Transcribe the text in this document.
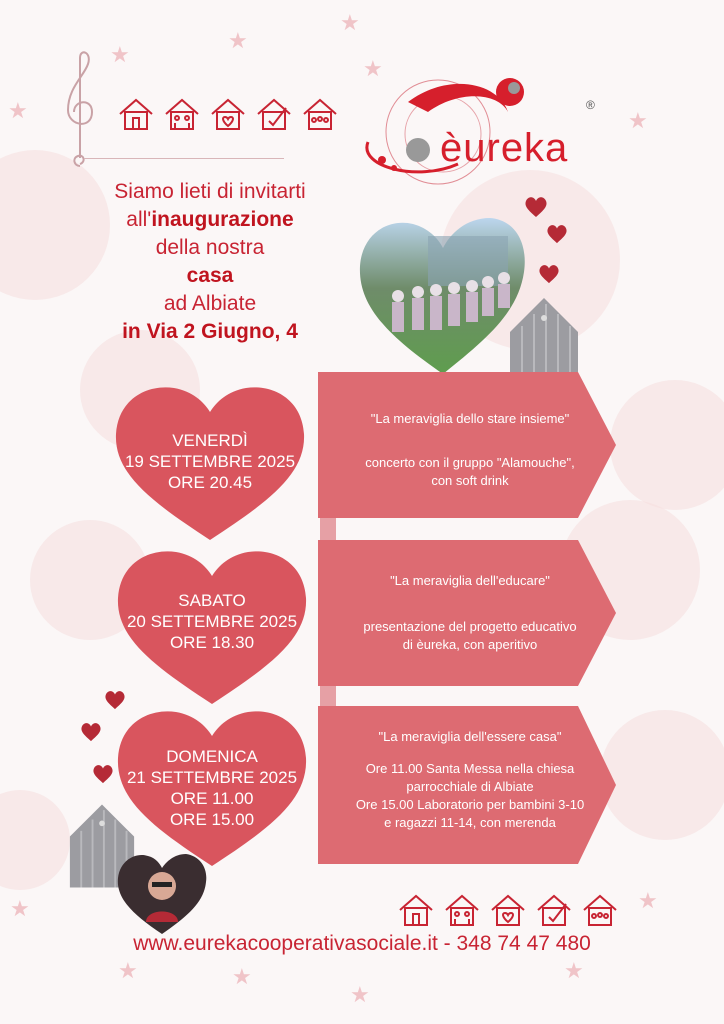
★
★
★
★
★	★
★	★
★
★
★
★
èureka
®
Siamo lieti di invitarti
all'inaugurazione
della nostra
casa
ad Albiate
in Via 2 Giugno, 4
"La meraviglia dello stare insieme"
concerto con il gruppo "Alamouche",
con soft drink
"La meraviglia dell'educare"
presentazione del progetto educativo
di èureka, con aperitivo
"La meraviglia dell'essere casa"
Ore 11.00 Santa Messa nella chiesa
parrocchiale di Albiate
Ore 15.00 Laboratorio per bambini 3-10
e ragazzi 11-14, con merenda
VENERDÌ
19 SETTEMBRE 2025
ORE 20.45
SABATO
20 SETTEMBRE 2025
ORE 18.30
DOMENICA
21 SETTEMBRE 2025
ORE 11.00
ORE 15.00
www.eurekacooperativasociale.it - 348 74 47 480
